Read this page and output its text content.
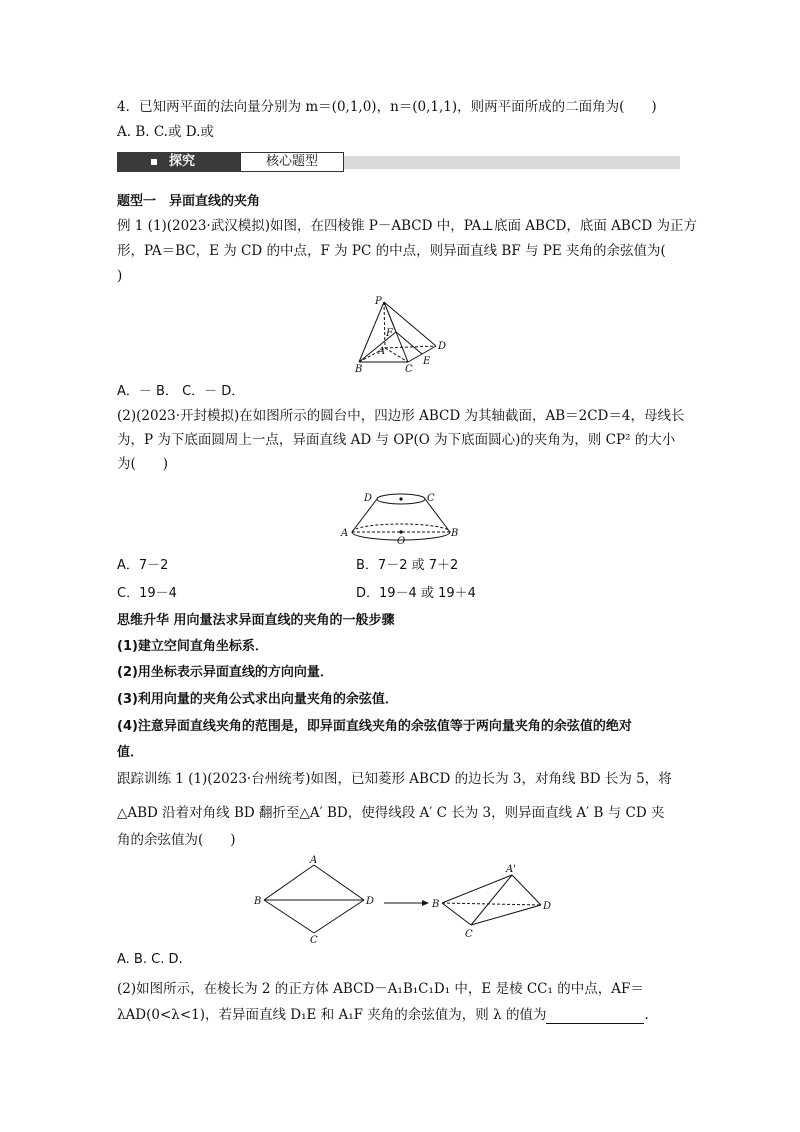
4．已知两平面的法向量分别为 m＝(0,1,0)，n＝(0,1,1)，则两平面所成的二面角为(　　)
A. B. C.或 D.或
探究	核心题型
题型一　异面直线的夹角
例 1 (1)(2023·武汉模拟)如图，在四棱锥 P－ABCD 中，PA⊥底面 ABCD，底面 ABCD 为正方
形，PA＝BC，E 为 CD 的中点，F 为 PC 的中点，则异面直线 BF 与 PE 夹角的余弦值为(
)
P
F
A	D
B	C
E
A．－ B． C．－ D．
(2)(2023·开封模拟)在如图所示的圆台中，四边形 ABCD 为其轴截面，AB＝2CD＝4，母线长
为，P 为下底面圆周上一点，异面直线 AD 与 OP(O 为下底面圆心)的夹角为，则 CP² 的大小
为(　　)
D	C
A	B
O
A．7－2	B．7－2 或 7＋2
C．19－4	D．19－4 或 19＋4
思维升华 用向量法求异面直线的夹角的一般步骤
(1)建立空间直角坐标系．
(2)用坐标表示异面直线的方向向量．
(3)利用向量的夹角公式求出向量夹角的余弦值．
(4)注意异面直线夹角的范围是，即异面直线夹角的余弦值等于两向量夹角的余弦值的绝对
值．
跟踪训练 1 (1)(2023·台州统考)如图，已知菱形 ABCD 的边长为 3，对角线 BD 长为 5，将
△ABD 沿着对角线 BD 翻折至△A′ BD，使得线段 A′ C 长为 3，则异面直线 A′ B 与 CD 夹
角的余弦值为(　　)
A
B	D
C
A'
B	D
C
A. B. C. D.
(2)如图所示，在棱长为 2 的正方体 ABCD－A₁B₁C₁D₁ 中，E 是棱 CC₁ 的中点，AF＝
λAD(0<λ<1)，若异面直线 D₁E 和 A₁F 夹角的余弦值为，则 λ 的值为	.
